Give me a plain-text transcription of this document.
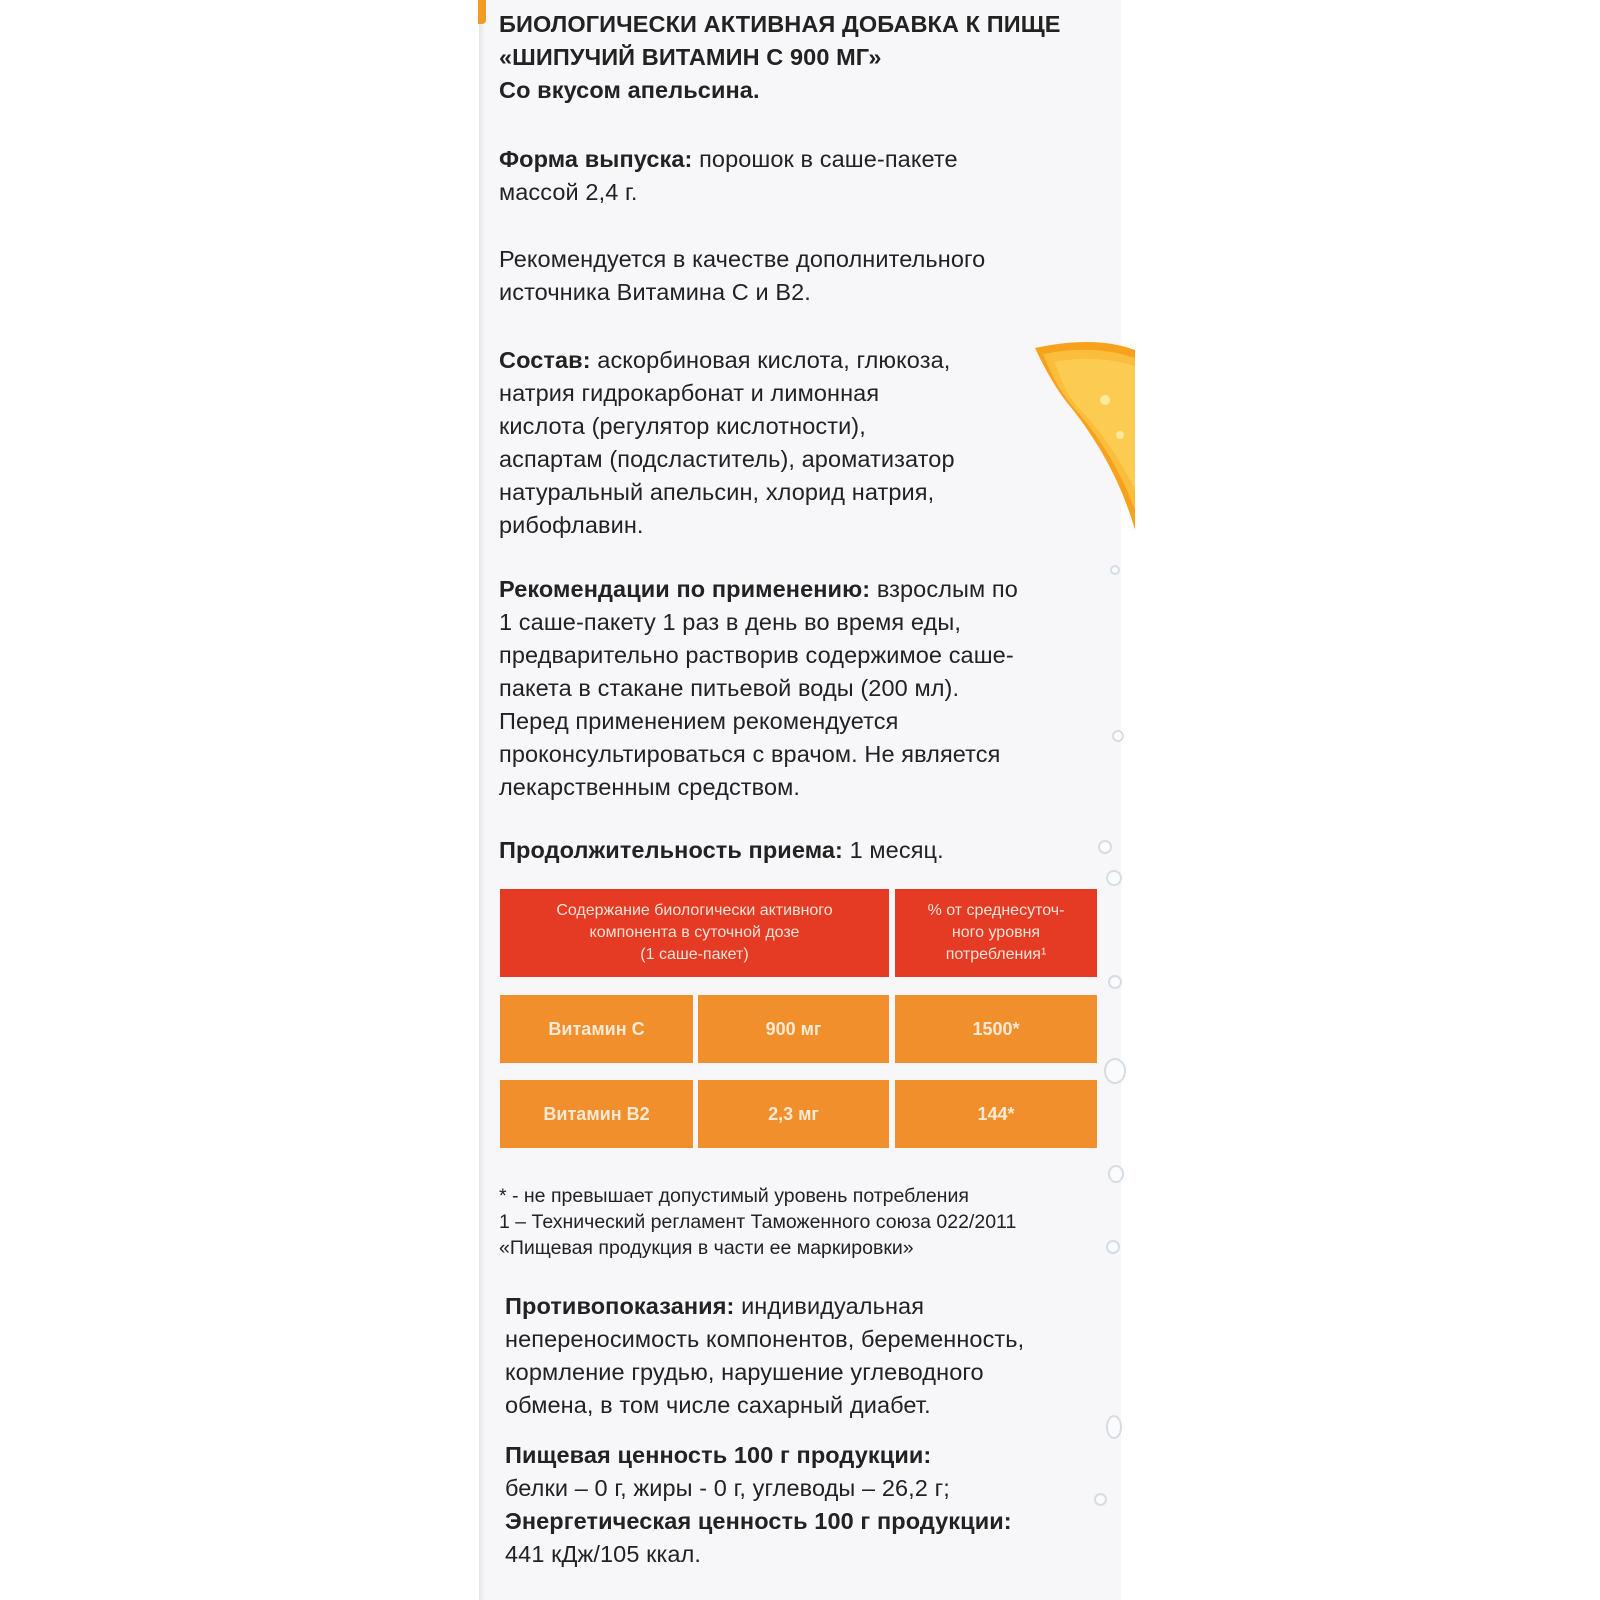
БИОЛОГИЧЕСКИ АКТИВНАЯ ДОБАВКА К ПИЩЕ
«ШИПУЧИЙ ВИТАМИН С 900 МГ»
Со вкусом апельсина.
Форма выпуска: порошок в саше-пакете
массой 2,4 г.
Рекомендуется в качестве дополнительного
источника Витамина С и В2.
Состав: аскорбиновая кислота, глюкоза,
натрия гидрокарбонат и лимонная
кислота (регулятор кислотности),
аспартам (подсластитель), ароматизатор
натуральный апельсин, хлорид натрия,
рибофлавин.
Рекомендации по применению: взрослым по
1 саше-пакету 1 раз в день во время еды,
предварительно растворив содержимое саше-
пакета в стакане питьевой воды (200 мл).
Перед применением рекомендуется
проконсультироваться с врачом. Не является
лекарственным средством.
Продолжительность приема: 1 месяц.
Содержание биологически активного
компонента в суточной дозе
(1 саше-пакет)
% от среднесуточ-
ного уровня
потребления¹
Витамин С	900 мг	1500*
Витамин В2	2,3 мг	144*
* - не превышает допустимый уровень потребления
1 – Технический регламент Таможенного союза 022/2011
«Пищевая продукция в части ее маркировки»
Противопоказания: индивидуальная
непереносимость компонентов, беременность,
кормление грудью, нарушение углеводного
обмена, в том числе сахарный диабет.
Пищевая ценность 100 г продукции:
белки – 0 г, жиры - 0 г, углеводы – 26,2 г;
Энергетическая ценность 100 г продукции:
441 кДж/105 ккал.
